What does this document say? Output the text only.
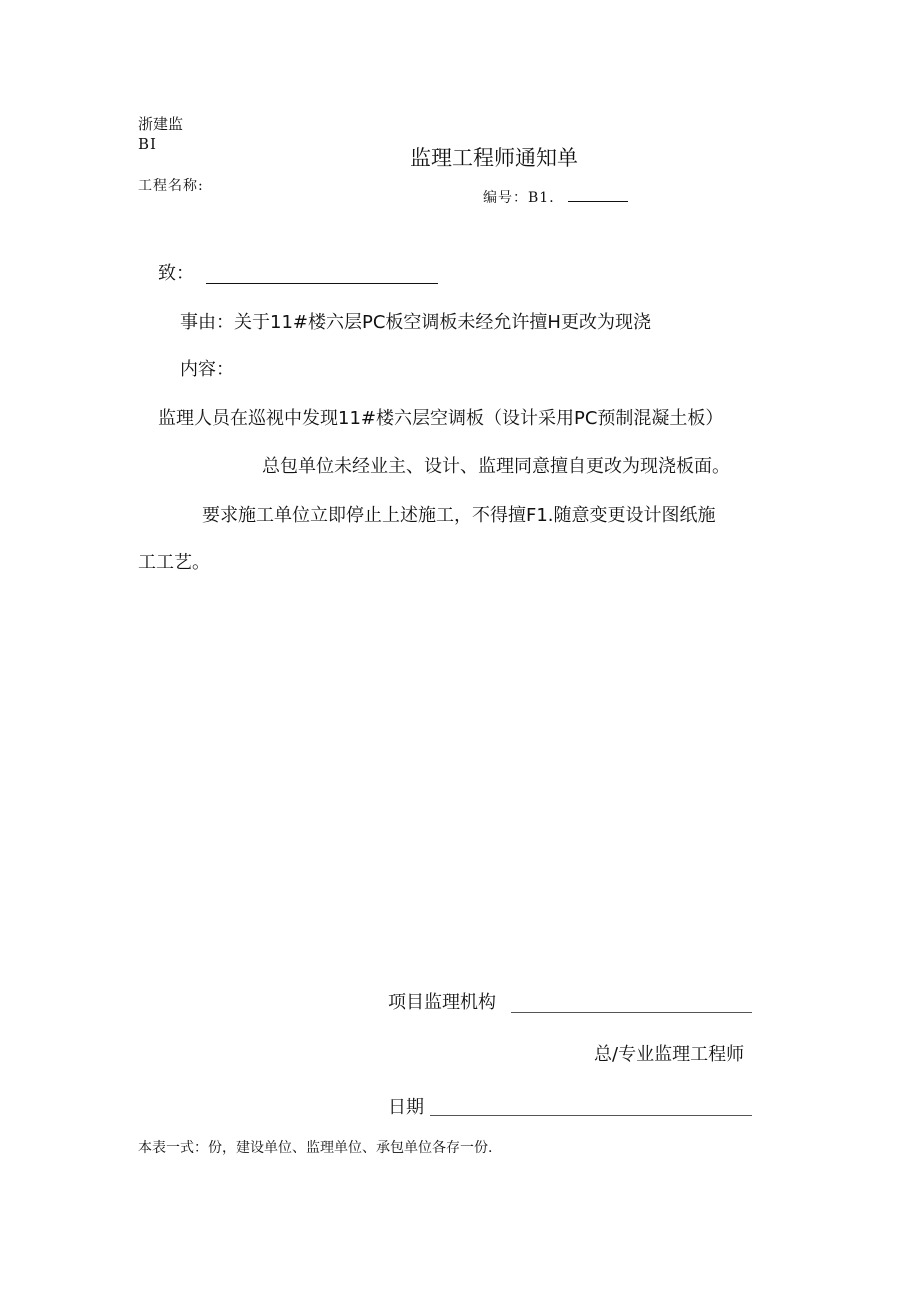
浙建监
BI
监理工程师通知单
工程名称:
编号：B1．
致：
事由：关于11#楼六层PC板空调板未经允许擅H更改为现浇
内容：
监理人员在巡视中发现11#楼六层空调板（设计采用PC预制混凝土板）
总包单位未经业主、设计、监理同意擅自更改为现浇板面。
要求施工单位立即停止上述施工，不得擅F1.随意变更设计图纸施
工工艺。
项目监理机构
总/专业监理工程师
日期
本表一式：份，建设单位、监理单位、承包单位各存一份.
